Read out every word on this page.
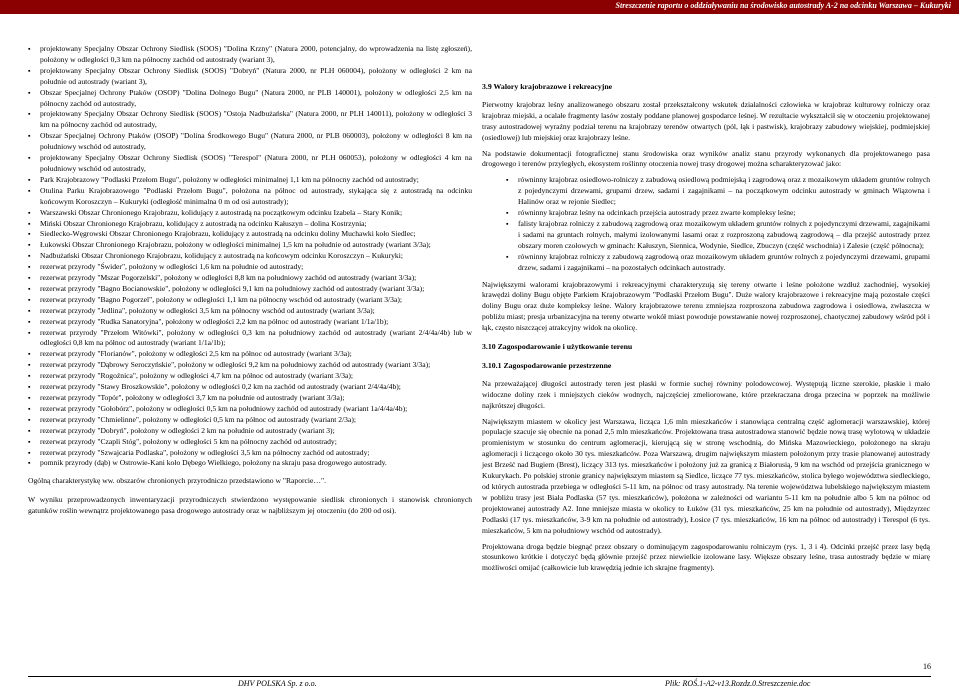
Streszczenie raportu o oddziaływaniu na środowisko autostrady A-2 na odcinku Warszawa – Kukuryki
▪ projektowany Specjalny Obszar Ochrony Siedlisk (SOOS) "Dolina Krzny" (Natura 2000, potencjalny, do wprowadzenia na listę zgłoszeń), położony w odległości 0,3 km na północny zachód od autostrady (wariant 3),
▪ projektowany Specjalny Obszar Ochrony Siedlisk (SOOS) "Dobryń" (Natura 2000, nr PLH 060004), położony w odległości 2 km na południe od autostrady (wariant 3),
▪ Obszar Specjalnej Ochrony Ptaków (OSOP) "Dolina Dolnego Bugu" (Natura 2000, nr PLB 140001), położony w odległości 2,5 km na północny zachód od autostrady,
▪ projektowany Specjalny Obszar Ochrony Siedlisk (SOOS) "Ostoja Nadbużańska" (Natura 2000, nr PLH 140011), położony w odległości 3 km na północny zachód od autostrady,
▪ Obszar Specjalnej Ochrony Ptaków (OSOP) "Dolina Środkowego Bugu" (Natura 2000, nr PLB 060003), położony w odległości 8 km na południowy wschód od autostrady,
▪ projektowany Specjalny Obszar Ochrony Siedlisk (SOOS) "Terespol" (Natura 2000, nr PLH 060053), położony w odległości 4 km na południowy wschód od autostrady,
▪ Park Krajobrazowy "Podlaski Przełom Bugu", położony w odległości minimalnej 1,1 km na północny zachód od autostrady;
▪ Otulina Parku Krajobrazowego "Podlaski Przełom Bugu", położona na północ od autostrady, stykająca się z autostradą na odcinku końcowym Koroszczyn – Kukuryki (odległość minimalna 0 m od osi autostrady);
▪ Warszawski Obszar Chronionego Krajobrazu, kolidujący z autostradą na początkowym odcinku Izabela – Stary Konik;
▪ Miński Obszar Chronionego Krajobrazu, kolidujący z autostradą na odcinku Kałuszyn – dolina Kostrzynia;
▪ Siedlecko-Węgrowski Obszar Chronionego Krajobrazu, kolidujący z autostradą na odcinku doliny Muchawki koło Siedlec;
▪ Łukowski Obszar Chronionego Krajobrazu, położony w odległości minimalnej 1,5 km na południe od autostrady (wariant 3/3a);
▪ Nadbużański Obszar Chronionego Krajobrazu, kolidujący z autostradą na końcowym odcinku Koroszczyn – Kukuryki;
▪ rezerwat przyrody "Świder", położony w odległości 1,6 km na południe od autostrady;
▪ rezerwat przyrody "Mszar Pogorzelski", położony w odległości 8,8 km na południowy zachód od autostrady (wariant 3/3a);
▪ rezerwat przyrody "Bagno Bocianowskie", położony w odległości 9,1 km na południowy zachód od autostrady (wariant 3/3a);
▪ rezerwat przyrody "Bagno Pogorzel", położony w odległości 1,1 km na północny wschód od autostrady (wariant 3/3a);
▪ rezerwat przyrody "Jedlina", położony w odległości 3,5 km na północny wschód od autostrady (wariant 3/3a);
▪ rezerwat przyrody "Rudka Sanatoryjna", położony w odległości 2,2 km na północ od autostrady (wariant 1/1a/1b);
▪ rezerwat przyrody "Przełom Witówki", położony w odległości 0,3 km na południowy zachód od autostrady (wariant 2/4/4a/4b) lub w odległości 0,8 km na północ od autostrady (wariant 1/1a/1b);
▪ rezerwat przyrody "Florianów", położony w odległości 2,5 km na północ od autostrady (wariant 3/3a);
▪ rezerwat przyrody "Dąbrowy Seroczyńskie", położony w odległości 9,2 km na południowy zachód od autostrady (wariant 3/3a);
▪ rezerwat przyrody "Rogoźnica", położony w odległości 4,7 km na północ od autostrady (wariant 3/3a);
▪ rezerwat przyrody "Stawy Broszkowskie", położony w odległości 0,2 km na zachód od autostrady (wariant 2/4/4a/4b);
▪ rezerwat przyrody "Topór", położony w odległości 3,7 km na południe od autostrady (wariant 3/3a);
▪ rezerwat przyrody "Gołobórz", położony w odległości 0,5 km na południowy zachód od autostrady (wariant 1a/4/4a/4b);
▪ rezerwat przyrody "Chmielinne", położony w odległości 0,5 km na północ od autostrady (wariant 2/3a);
▪ rezerwat przyrody "Dobryń", położony w odległości 2 km na południe od autostrady (wariant 3);
▪ rezerwat przyrody "Czapli Stóg", położony w odległości 5 km na północny zachód od autostrady;
▪ rezerwat przyrody "Szwajcaria Podlaska", położony w odległości 3,5 km na północny zachód od autostrady;
▪ pomnik przyrody (dąb) w Ostrowie-Kani koło Dębego Wielkiego, położony na skraju pasa drogowego autostrady.

Ogólną charakterystykę ww. obszarów chronionych przyrodniczo przedstawiono w "Raporcie…".

W wyniku przeprowadzonych inwentaryzacji przyrodniczych stwierdzono występowanie siedlisk chronionych i stanowisk chronionych gatunków roślin wewnątrz projektowanego pasa drogowego autostrady oraz w najbliższym jej otoczeniu (do 200 od osi).

3.9 Walory krajobrazowe i rekreacyjne

Pierwotny krajobraz leśny analizowanego obszaru został przekształcony wskutek działalności człowieka w krajobraz kulturowy rolniczy oraz krajobraz miejski, a ocalałe fragmenty lasów zostały poddane planowej gospodarce leśnej. W rezultacie wykształcił się w otoczeniu projektowanej trasy autostradowej wyraźny podział terenu na krajobrazy terenów otwartych (pól, łąk i pastwisk), krajobrazy zabudowy wiejskiej, podmiejskiej (osiedlowej) lub miejskiej oraz krajobrazy leśne.

Na podstawie dokumentacji fotograficznej stanu środowiska oraz wyników analiz stanu przyrody wykonanych dla projektowanego pasa drogowego i terenów przyległych, ekosystem roślinny otoczenia nowej trasy drogowej można scharakteryzować jako:

▪ równinny krajobraz osiedlowo-rolniczy z zabudową osiedlową podmiejską i zagrodową oraz z mozaikowym układem gruntów rolnych z pojedynczymi drzewami, grupami drzew, sadami i zagajnikami – na początkowym odcinku autostrady w gminach Wiązowna i Halinów oraz w rejonie Siedlec;
▪ równinny krajobraz leśny na odcinkach przejścia autostrady przez zwarte kompleksy leśne;
▪ falisty krajobraz rolniczy z zabudową zagrodową oraz mozaikowym układem gruntów rolnych z pojedynczymi drzewami, zagajnikami i sadami na gruntach rolnych, małymi izolowanymi lasami oraz z rozproszoną zabudową zagrodową – dla przejść autostrady przez obszary moren czołowych w gminach: Kałuszyn, Siennica, Wodynie, Siedlce, Zbuczyn (część wschodnia) i Zalesie (część północna);
▪ równinny krajobraz rolniczy z zabudową zagrodową oraz mozaikowym układem gruntów rolnych z pojedynczymi drzewami, grupami drzew, sadami i zagajnikami – na pozostałych odcinkach autostrady.

Największymi walorami krajobrazowymi i rekreacyjnymi charakteryzują się tereny otwarte i leśne położone wzdłuż zachodniej, wysokiej krawędzi doliny Bugu objęte Parkiem Krajobrazowym "Podlaski Przełom Bugu". Duże walory krajobrazowe i rekreacyjne mają pozostałe części doliny Bugu oraz duże kompleksy leśne. Walory krajobrazowe terenu zmniejsza rozproszona zabudowa zagrodowa i osiedlowa, zwłaszcza w pobliżu miast; presja urbanizacyjna na tereny otwarte wokół miast powoduje powstawanie nowej rozproszonej, chaotycznej zabudowy wśród pól i łąk, często niszczącej atrakcyjny widok na okolicę.

3.10 Zagospodarowanie i użytkowanie terenu
3.10.1 Zagospodarowanie przestrzenne

Na przeważającej długości autostrady teren jest płaski w formie suchej równiny polodowcowej. Występują liczne szerokie, płaskie i mało widoczne doliny rzek i mniejszych cieków wodnych, najczęściej zmeliorowane, które przekraczana droga przecina w poprzek na możliwie najkrótszej długości.

Największym miastem w okolicy jest Warszawa, licząca 1,6 mln mieszkańców i stanowiąca centralną część aglomeracji warszawskiej, której populacje szacuje się obecnie na ponad 2,5 mln mieszkańców. Projektowana trasa autostradowa stanowić będzie nową trasę wylotową w układzie promienistym w stosunku do centrum aglomeracji, kierującą się w stronę wschodnią, do Mińska Mazowieckiego, położonego na skraju aglomeracji i liczącego około 30 tys. mieszkańców. Poza Warszawą, drugim największym miastem położonym przy trasie planowanej autostrady jest Brześć nad Bugiem (Brest), liczący 313 tys. mieszkańców i położony już za granicą z Białorusią, 9 km na wschód od przejścia granicznego w Kukurykach. Po polskiej stronie granicy największym miastem są Siedlce, liczące 77 tys. mieszkańców, stolica byłego województwa siedleckiego, od których autostrada przebiega w odległości 5-11 km, na północ od trasy autostrady. Na terenie województwa lubelskiego największym miastem w pobliżu trasy jest Biała Podlaska (57 tys. mieszkańców), położona w zależności od wariantu 5-11 km na południe albo 5 km na północ od projektowanej autostrady A2. Inne mniejsze miasta w okolicy to Łuków (31 tys. mieszkańców, 25 km na południe od autostrady), Międzyrzec Podlaski (17 tys. mieszkańców, 3-9 km na południe od autostrady), Łosice (7 tys. mieszkańców, 16 km na północ od autostrady) i Terespol (6 tys. mieszkańców, 5 km na południowy wschód od autostrady).

Projektowana droga będzie biegnąć przez obszary o dominującym zagospodarowaniu rolniczym (rys. 1, 3 i 4). Odcinki przejść przez lasy będą stosunkowo krótkie i dotyczyć będą głównie przejść przez niewielkie izolowane lasy. Większe obszary leśne, trasa autostrady będzie w miarę możliwości omijać (całkowicie lub krawędzią jednie ich skrajne fragmenty).

16
DHV POLSKA Sp. z o.o.	Plik: ROŚ.1-A2-v13.Rozdz.0.Streszczenie.doc
